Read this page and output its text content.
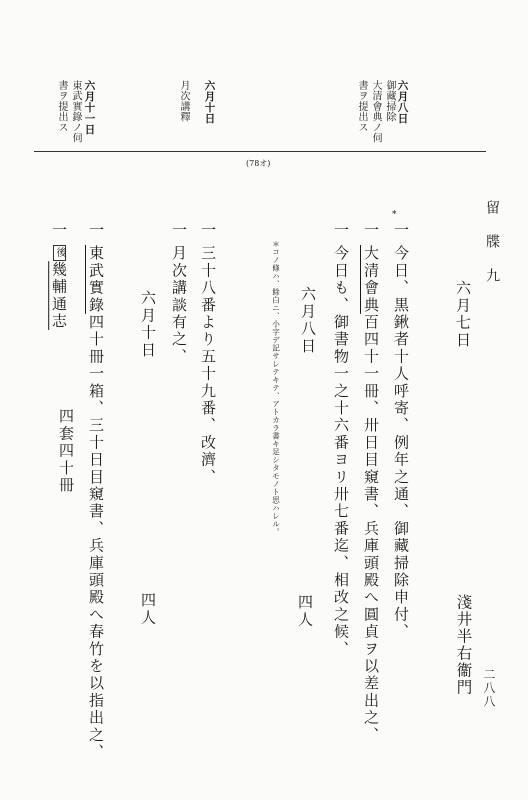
六月八日
御藏掃除
大清會典ノ伺
書ヲ提出ス
六月十日
月次講釋
六月十一日
東武實錄ノ伺
書ヲ提出ス
(78オ)
留　牒　九
二八八
六月七日
淺井半右衞門
*
一
今日、黒鍬者十人呼寄、例年之通、御藏掃除申付、
一
大清會典百四十一冊、卅日目窺書、兵庫頭殿へ圓貞ヲ以差出之、
一
今日も、御書物一之十六番ヨリ卅七番迄、相改之候、
四人
六月八日
＊コノ條ハ、餘白ニ、小字デ記サレテキテ、アトカラ書キ足シタモノト思ハレル。
一
三十八番より五十九番、改濟、
一
月次講談有之、
六月十日
四人
一
東武實錄四十冊一箱、三十日目窺書、兵庫頭殿へ春竹を以指出之、
四套四十冊
一
後幾輔通志
